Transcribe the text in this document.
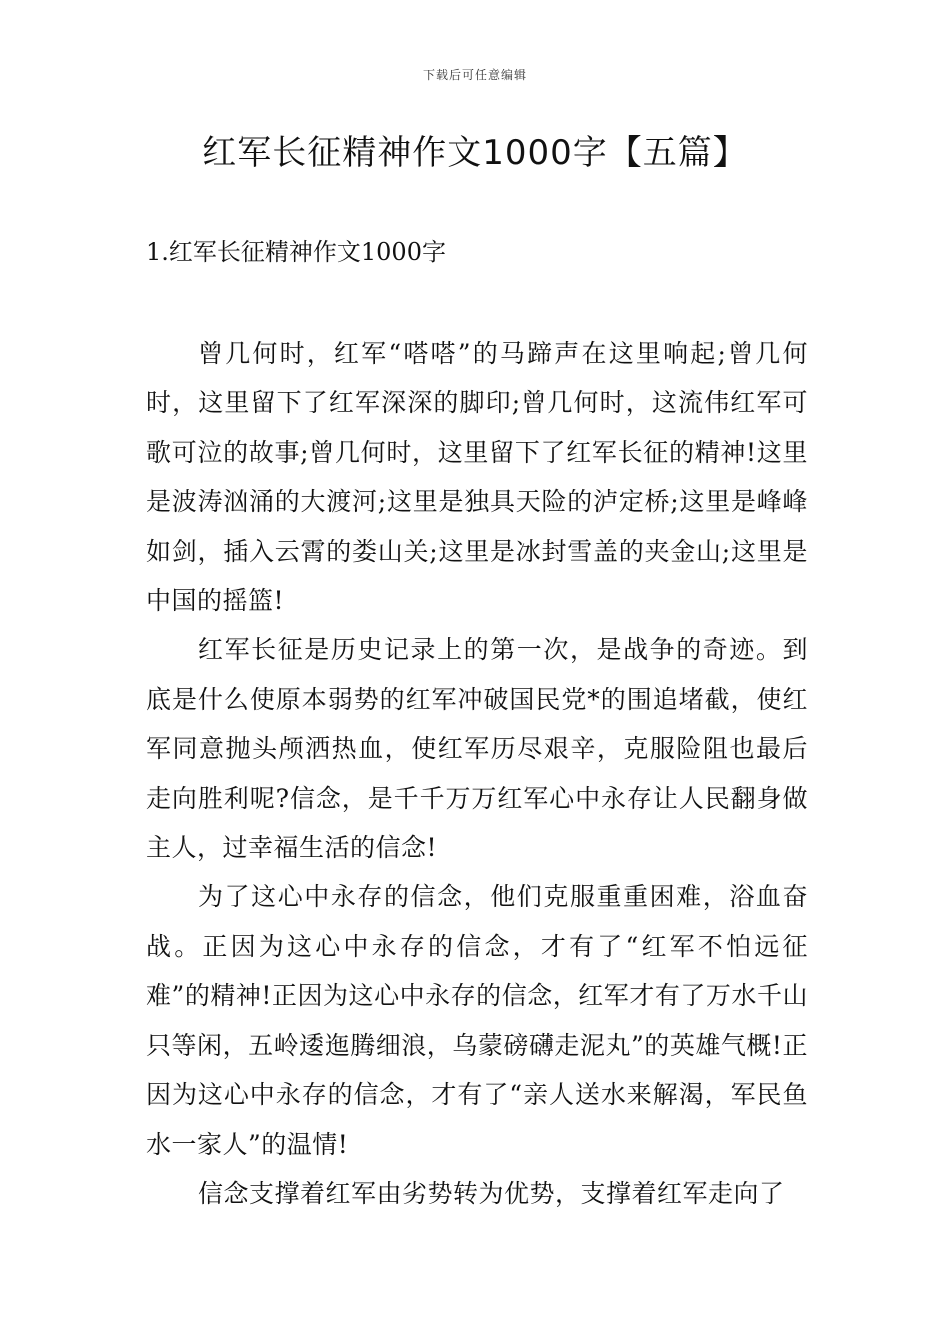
下载后可任意编辑
红军长征精神作文1000字【五篇】
1.红军长征精神作文1000字

曾几何时，红军“嗒嗒”的马蹄声在这里响起;曾几何时，这里留下了红军深深的脚印;曾几何时，这流伟红军可歌可泣的故事;曾几何时，这里留下了红军长征的精神!这里是波涛汹涌的大渡河;这里是独具天险的泸定桥;这里是峰峰如剑，插入云霄的娄山关;这里是冰封雪盖的夹金山;这里是中国的摇篮!

红军长征是历史记录上的第一次，是战争的奇迹。到底是什么使原本弱势的红军冲破国民党*的围追堵截，使红军同意抛头颅洒热血，使红军历尽艰辛，克服险阻也最后走向胜利呢?信念，是千千万万红军心中永存让人民翻身做主人，过幸福生活的信念!

为了这心中永存的信念，他们克服重重困难，浴血奋战。正因为这心中永存的信念，才有了“红军不怕远征难”的精神!正因为这心中永存的信念，红军才有了万水千山只等闲，五岭逶迤腾细浪，乌蒙磅礴走泥丸”的英雄气概!正因为这心中永存的信念，才有了“亲人送水来解渴，军民鱼水一家人”的温情!

信念支撑着红军由劣势转为优势，支撑着红军走向了
